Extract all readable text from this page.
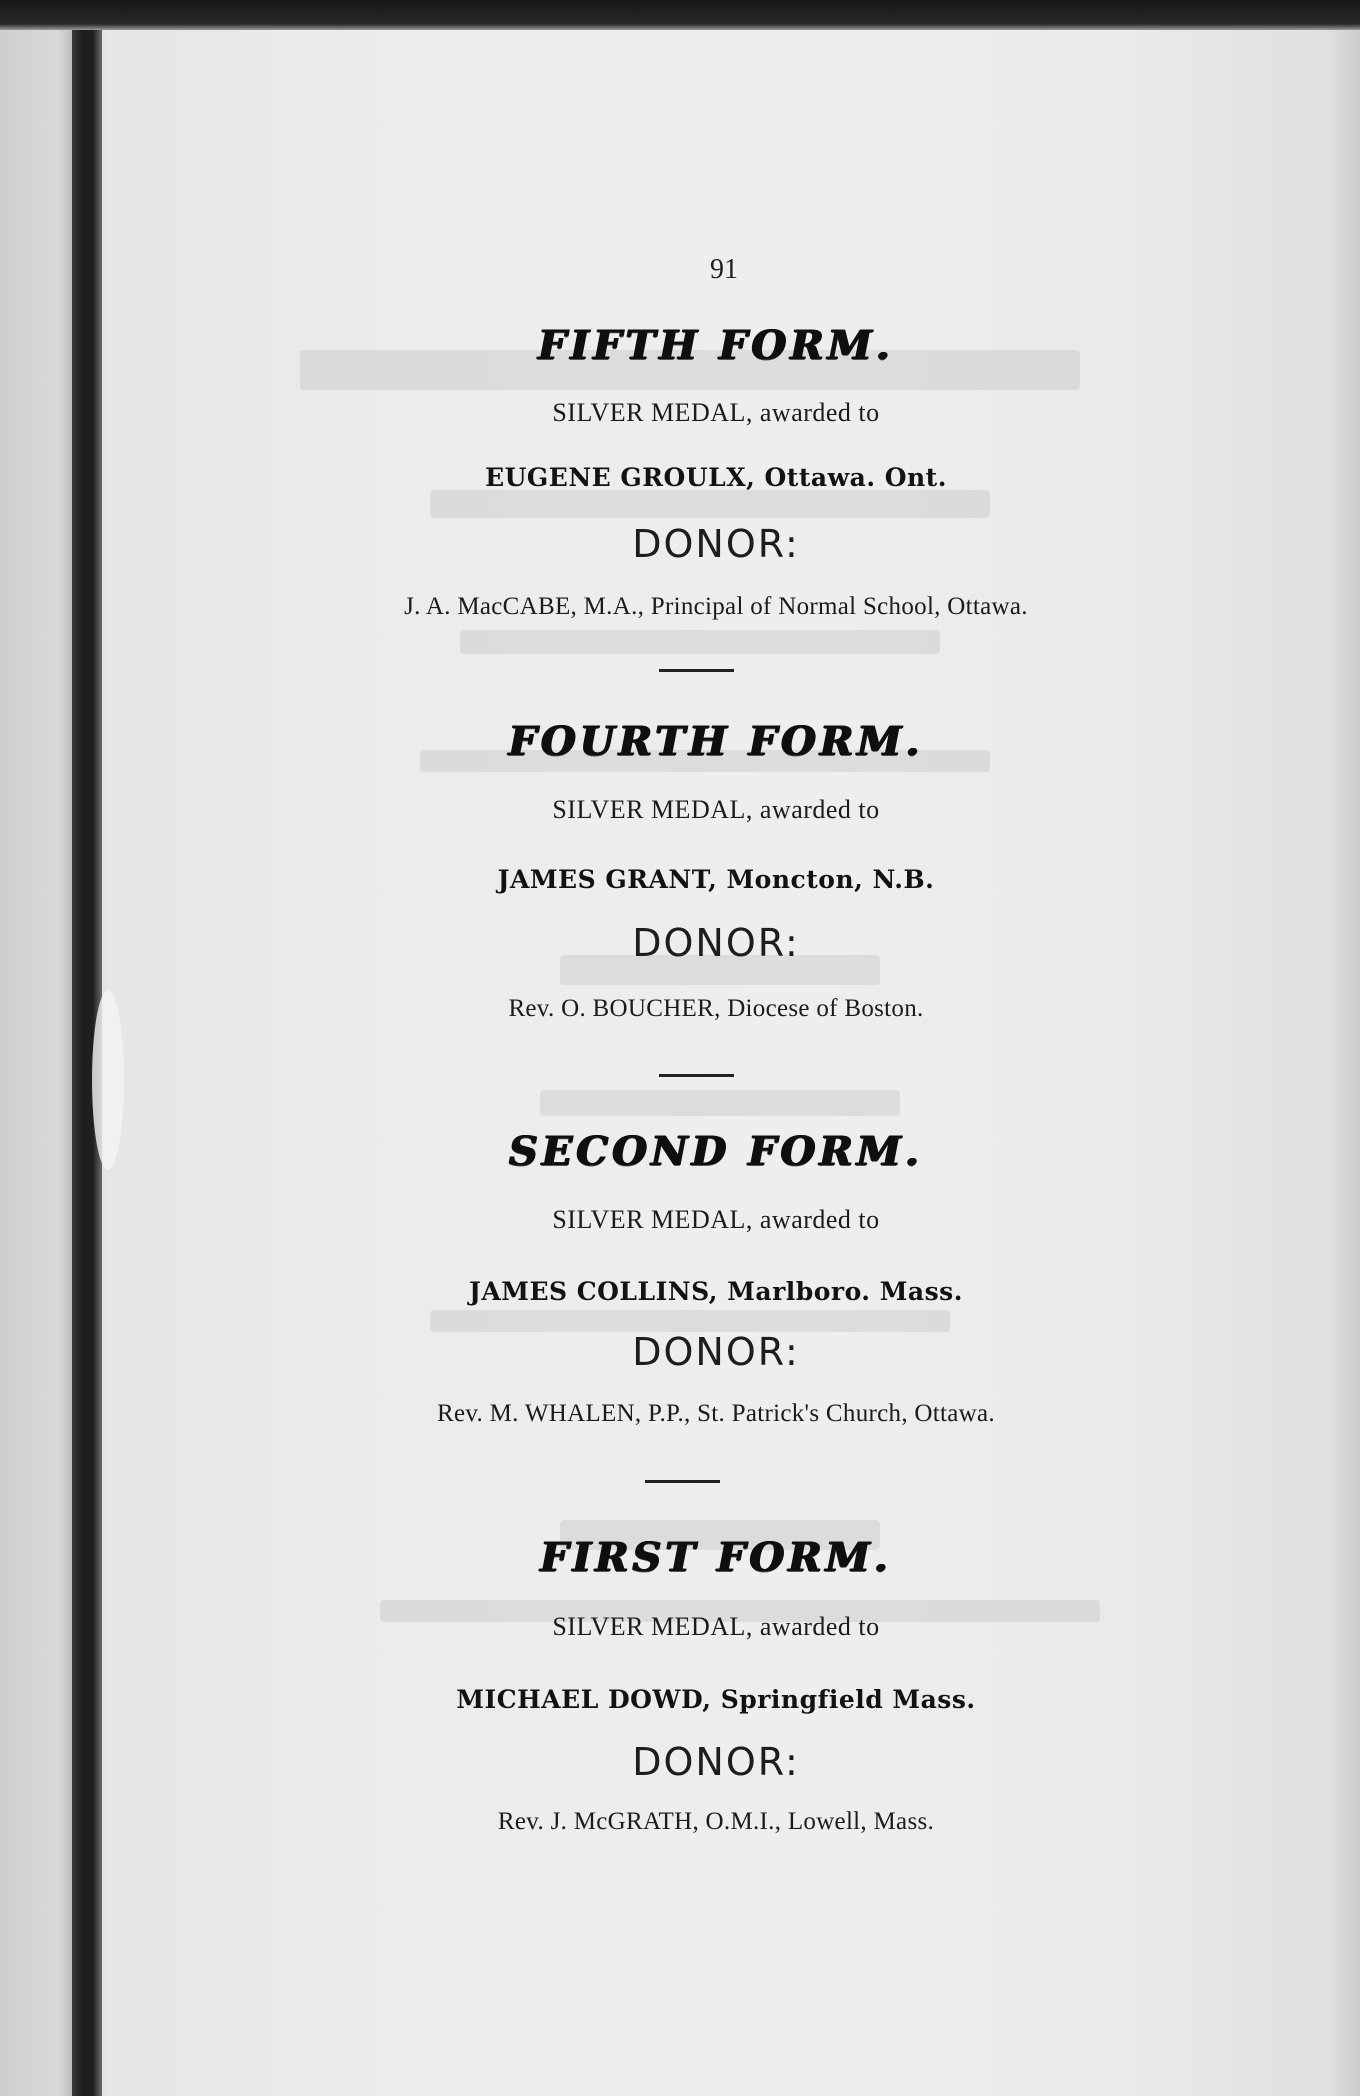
91
FIFTH FORM.
SILVER MEDAL, awarded to
EUGENE GROULX, Ottawa. Ont.
DONOR:
J. A. MacCABE, M.A., Principal of Normal School, Ottawa.
FOURTH FORM.
SILVER MEDAL, awarded to
JAMES GRANT, Moncton, N.B.
DONOR:
Rev. O. BOUCHER, Diocese of Boston.
SECOND FORM.
SILVER MEDAL, awarded to
JAMES COLLINS, Marlboro. Mass.
DONOR:
Rev. M. WHALEN, P.P., St. Patrick's Church, Ottawa.
FIRST FORM.
SILVER MEDAL, awarded to
MICHAEL DOWD, Springfield Mass.
DONOR:
Rev. J. McGRATH, O.M.I., Lowell, Mass.
